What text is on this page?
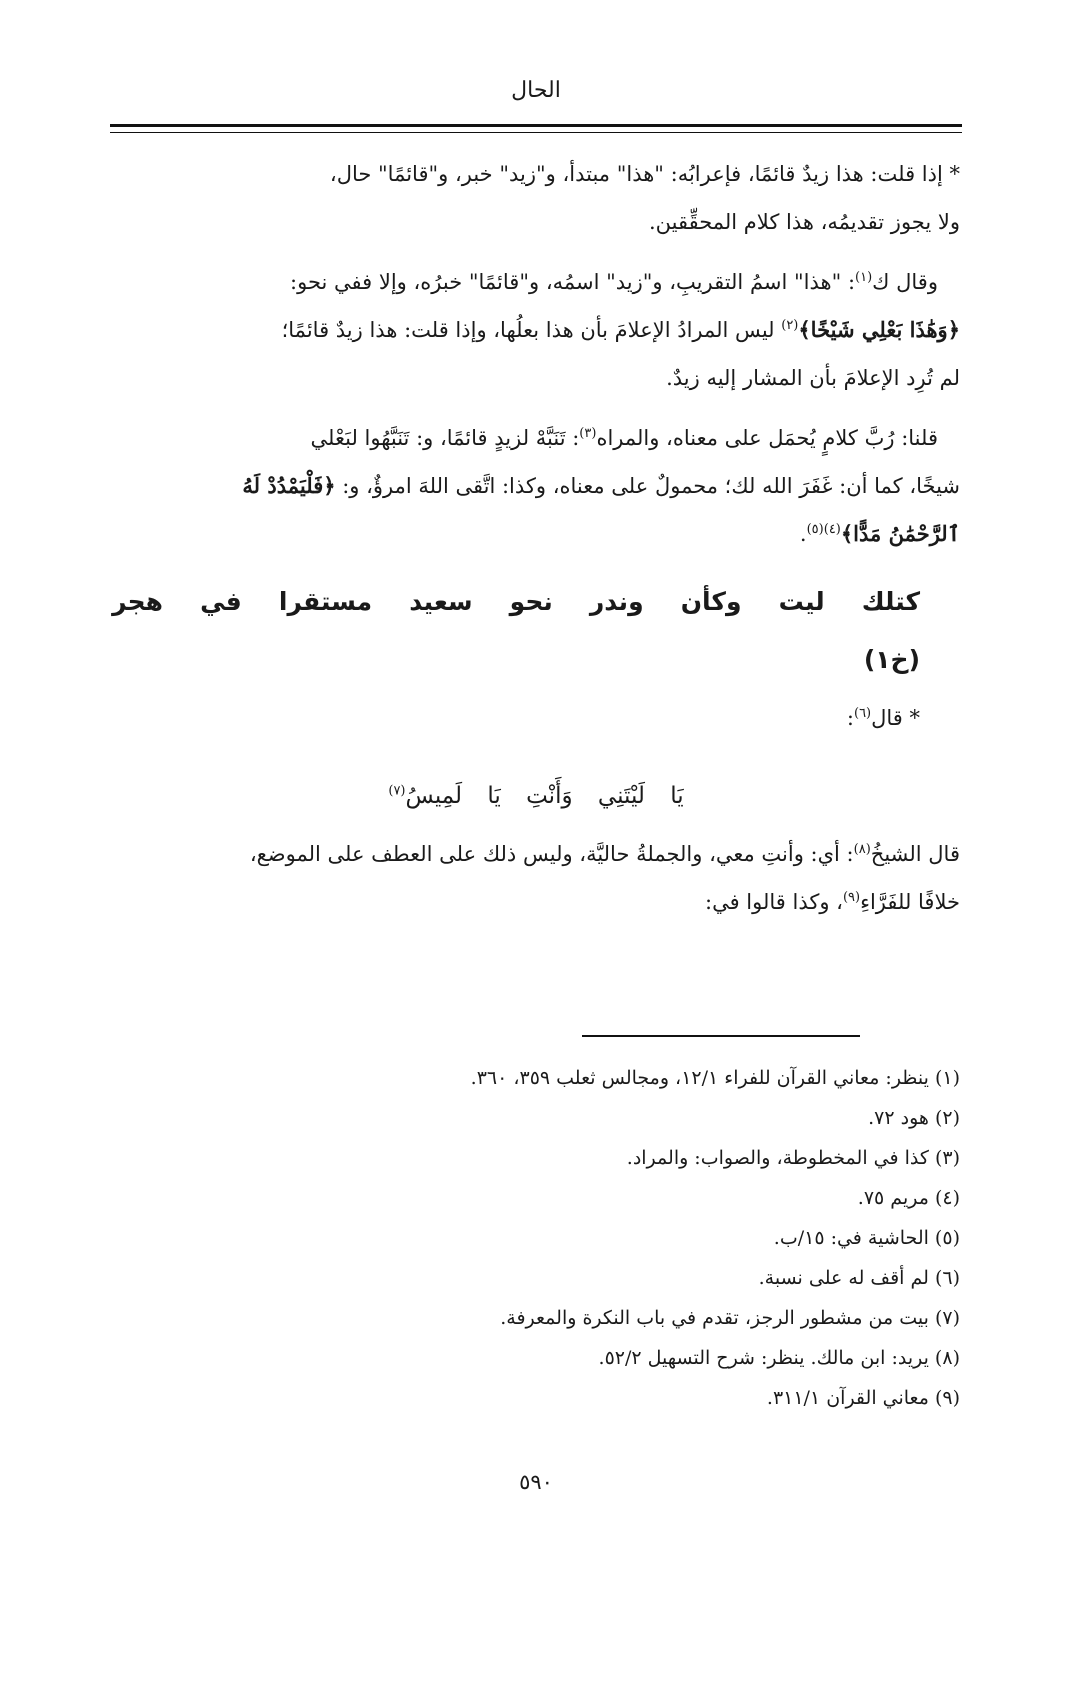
الحال

* إذا قلت: هذا زيدٌ قائمًا، فإعرابُه: "هذا" مبتدأ، و"زيد" خبر، و"قائمًا" حال،

ولا يجوز تقديمُه، هذا كلام المحقِّقين.

وقال ك$^{(١)}$: "هذا" اسمُ التقريبِ، و"زيد" اسمُه، و"قائمًا" خبرُه، وإلا ففي نحو:

﴿وَهَٰذَا بَعْلِي شَيْخًا﴾$^{(٢)}$ ليس المرادُ الإعلامَ بأن هذا بعلُها، وإذا قلت: هذا زيدٌ قائمًا؛

لم تُرِد الإعلامَ بأن المشار إليه زيدٌ.

قلنا: رُبَّ كلامٍ يُحمَل على معناه، والمراه$^{(٣)}$: تَنَبَّهْ لزيدٍ قائمًا، و: تَنَبَّهُوا لبَعْلي

شيخًا، كما أن: غَفَرَ الله لك؛ محمولٌ على معناه، وكذا: اتَّقى اللهَ امرؤٌ، و: ﴿فَلْيَمْدُدْ لَهُ

ٱلرَّحْمَٰنُ مَدًّا﴾$^{(٤)(٥)}$.

كتلك
ليت
وكأن
وندر
نحو
سعيد
مستقرا
في
هجر
(خ١)

* قال$^{(٦)}$:

يَا لَيْتَنِي وَأَنْتِ يَا لَمِيسُ$^{(٧)}$

قال الشيخُ$^{(٨)}$: أي: وأنتِ معي، والجملةُ حاليَّة، وليس ذلك على العطف على الموضع،

خلافًا للفَرَّاءِ$^{(٩)}$، وكذا قالوا في:

(١) ينظر: معاني القرآن للفراء ١٢/١، ومجالس ثعلب ٣٥٩، ٣٦٠.
(٢) هود ٧٢.
(٣) كذا في المخطوطة، والصواب: والمراد.
(٤) مريم ٧٥.
(٥) الحاشية في: ١٥/ب.
(٦) لم أقف له على نسبة.
(٧) بيت من مشطور الرجز، تقدم في باب النكرة والمعرفة.
(٨) يريد: ابن مالك. ينظر: شرح التسهيل ٥٢/٢.
(٩) معاني القرآن ٣١١/١.
٥٩٠
